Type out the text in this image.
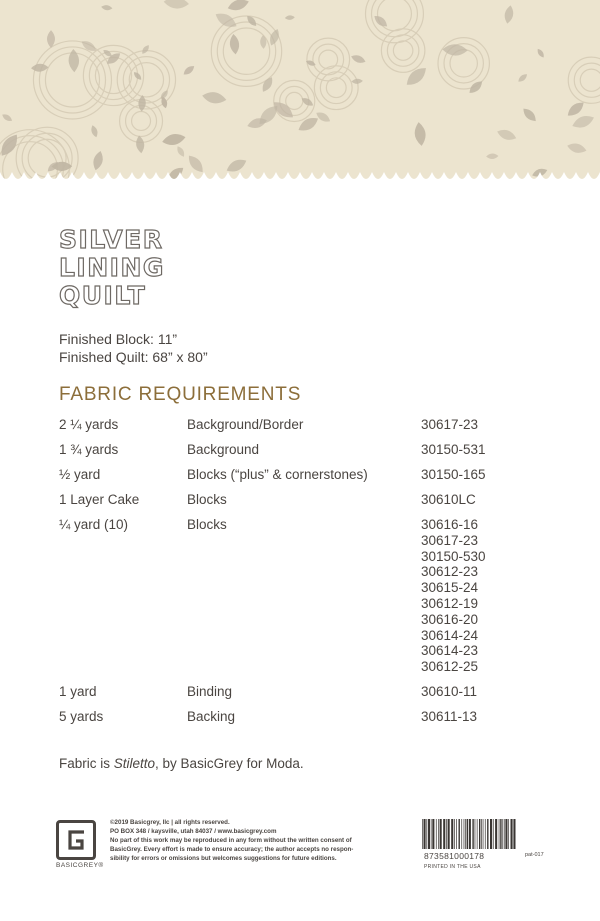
SILVER
LINING
QUILT
Finished Block: 11”
Finished Quilt: 68” x 80”
FABRIC REQUIREMENTS
2 ¼ yards	Background/Border	30617-23
1 ¾ yards	Background	30150-531
½ yard	Blocks (“plus” & cornerstones)	30150-165
1 Layer Cake	Blocks	30610LC
¼ yard (10)	Blocks	30616-16
30617-23
30150-530
30612-23
30615-24
30612-19
30616-20
30614-24
30614-23
30612-25
1 yard	Binding	30610-11
5 yards	Backing	30611-13
Fabric is Stiletto, by BasicGrey for Moda.
BASICGREY®
©2019 Basicgrey, llc | all rights reserved.
PO BOX 348 / kaysville, utah 84037 / www.basicgrey.com
No part of this work may be reproduced in any form without the written consent of
BasicGrey. Every effort is made to ensure accuracy; the author accepts no respon-
sibility for errors or omissions but welcomes suggestions for future editions.	873581000178
PRINTED IN THE USA
pat-017
